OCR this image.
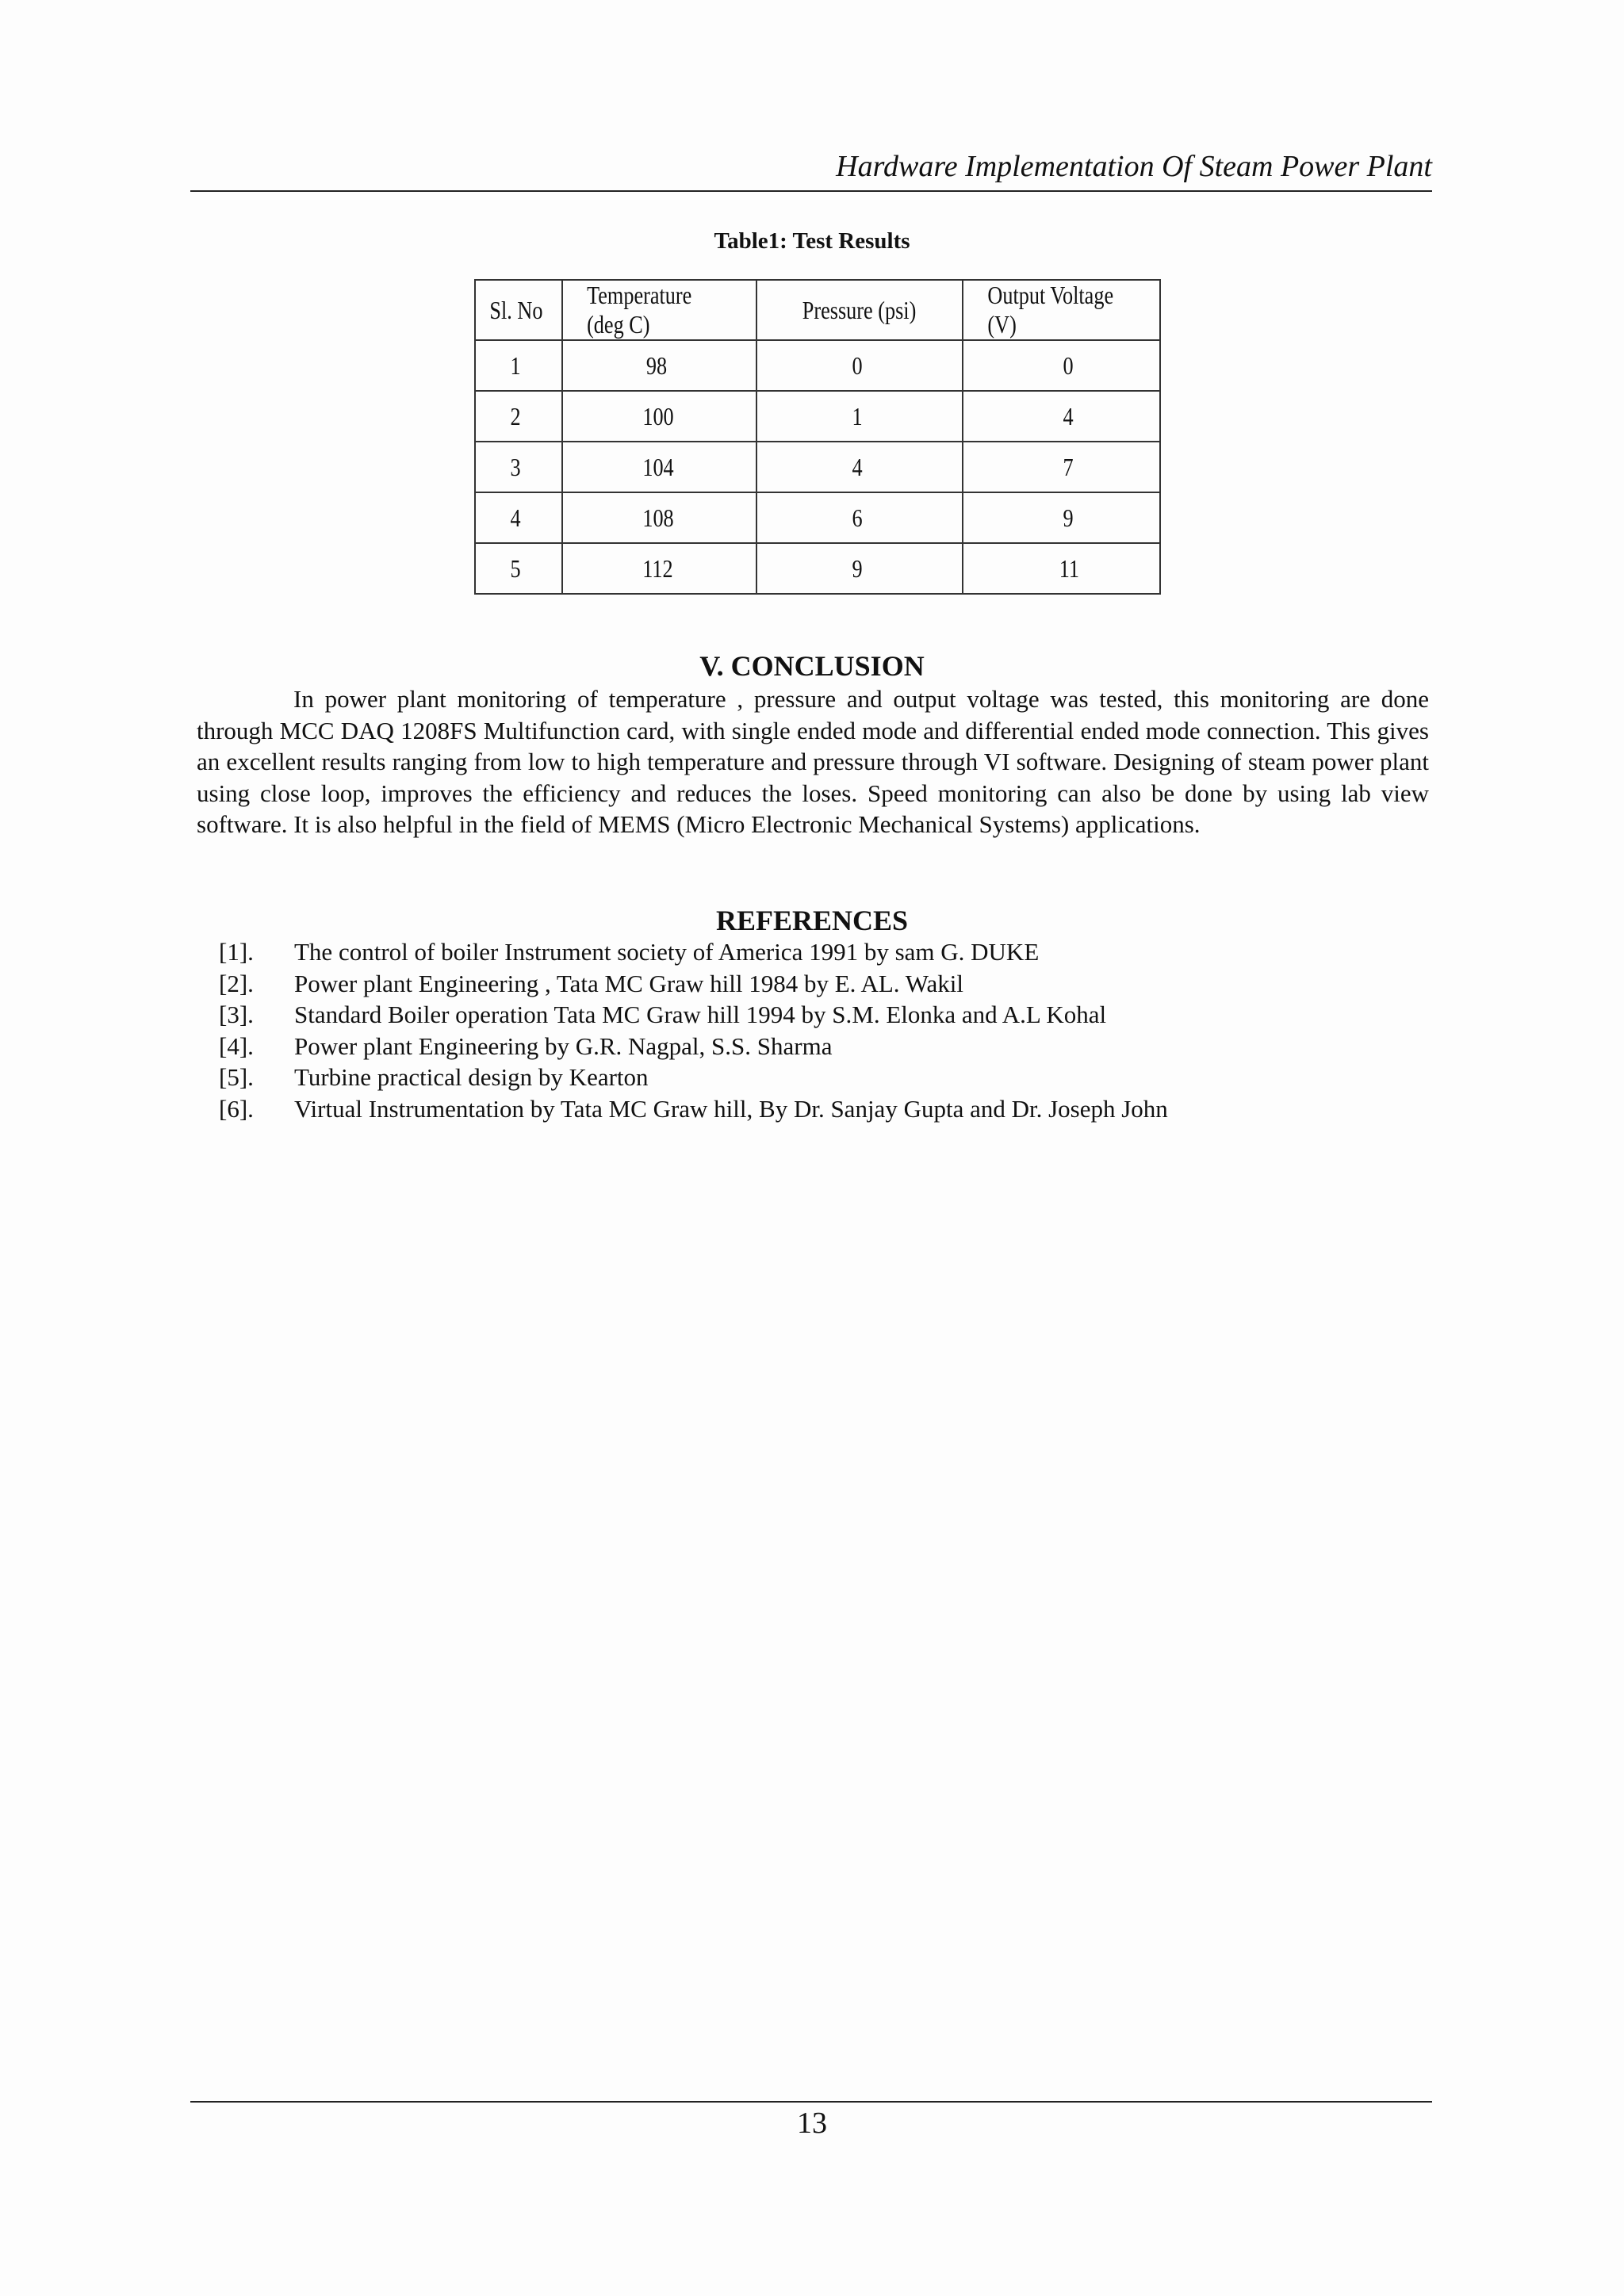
Hardware Implementation Of Steam Power Plant
Table1: Test Results
Sl. No	Temperature (deg C)	Pressure (psi)	Output Voltage (V)
1	98	0	0
2	100	1	4
3	104	4	7
4	108	6	9
5	112	9	11
V. CONCLUSION

In power plant monitoring of temperature , pressure and output voltage was tested, this monitoring are done through MCC DAQ 1208FS Multifunction card, with single ended mode and differential ended mode connection. This gives an excellent results ranging from low to high temperature and pressure through VI software. Designing of steam power plant using close loop, improves the efficiency and reduces the loses. Speed monitoring can also be done by using lab view software. It is also helpful in the field of MEMS (Micro Electronic Mechanical Systems) applications.

REFERENCES
[1].	The control of boiler Instrument society of America 1991 by sam G. DUKE
[2].	Power plant Engineering , Tata MC Graw hill 1984 by E. AL. Wakil
[3].	Standard Boiler operation Tata MC Graw hill 1994 by S.M. Elonka and A.L Kohal
[4].	Power plant Engineering by G.R. Nagpal, S.S. Sharma
[5].	Turbine practical design by Kearton
[6].	Virtual Instrumentation by Tata MC Graw hill, By Dr. Sanjay Gupta and Dr. Joseph John
13
